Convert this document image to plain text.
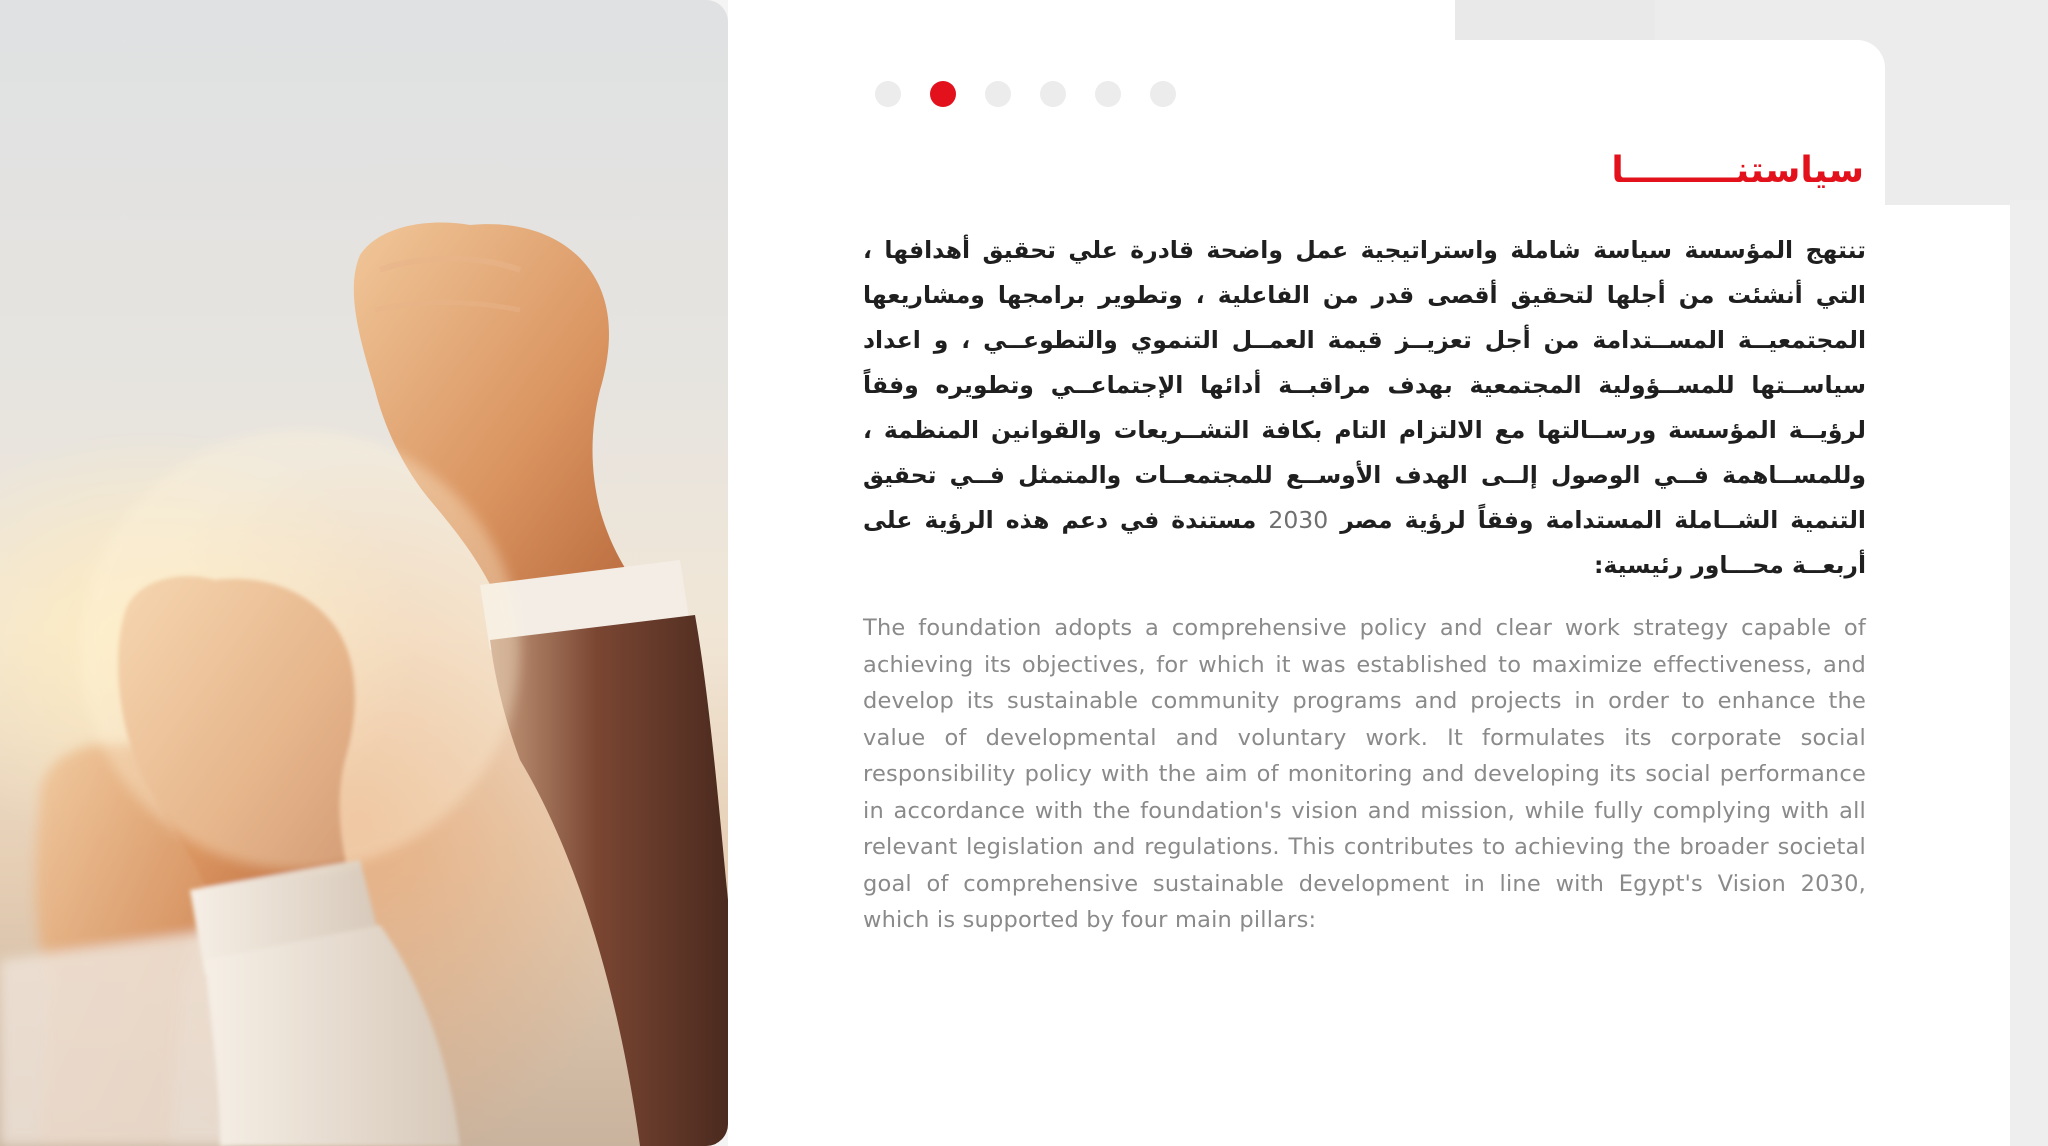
سياستنـــــــــا

تنتهج المؤسسة سياسة شاملة واستراتيجية عمل واضحة قادرة علي تحقيق أهدافها ، التي أنشئت من أجلها لتحقيق أقصى قدر من الفاعلية ، وتطوير برامجها ومشاريعها المجتمعيــة المســتدامة من أجل تعزيــز قيمة العمــل التنموي والتطوعــي ، و اعداد سياســتها للمســؤولية المجتمعية بهدف مراقبــة أدائها الإجتماعــي وتطويره وفقاً لرؤيــة المؤسسة ورســالتها مع الالتزام التام بكافة التشــريعات والقوانين المنظمة ، وللمســاهمة فــي الوصول إلــى الهدف الأوســع للمجتمعــات والمتمثل فــي تحقيق التنمية الشــاملة المستدامة وفقاً لرؤية مصر 2030 مستندة في دعم هذه الرؤية على أربعــة محـــاور رئيسية:

The foundation adopts a comprehensive policy and clear work strategy capable of achieving its objectives, for which it was established to maximize effectiveness, and develop its sustainable community programs and projects in order to enhance the value of developmental and voluntary work. It formulates its corporate social responsibility policy with the aim of monitoring and developing its social performance in accordance with the foundation's vision and mission, while fully complying with all relevant legislation and regulations. This contributes to achieving the broader societal goal of comprehensive sustainable development in line with Egypt's Vision 2030, which is supported by four main pillars:
